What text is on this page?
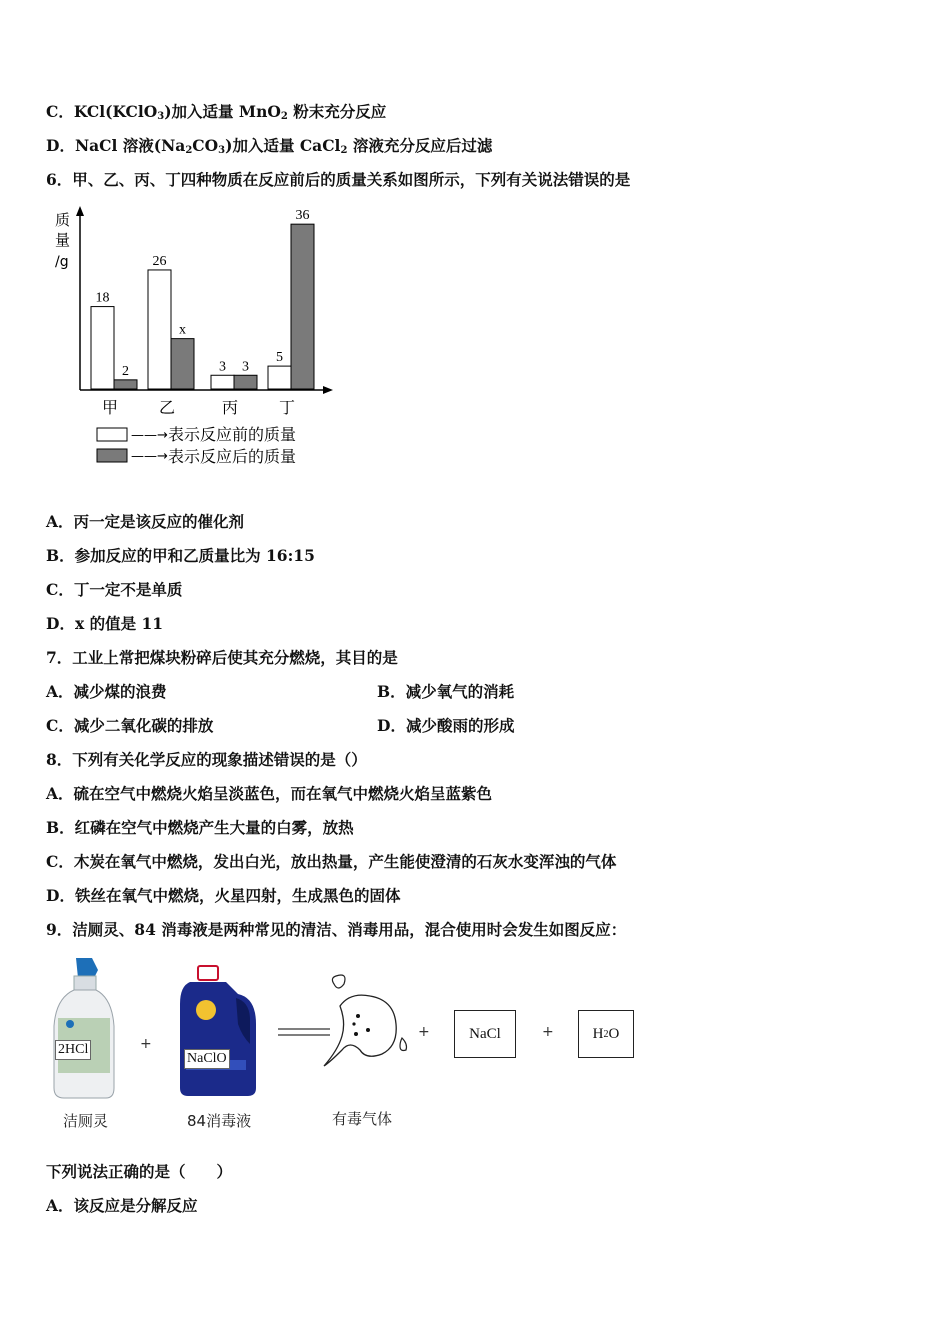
C．KCl(KClO$_3$)加入适量 MnO$_2$ 粉末充分反应
D．NaCl 溶液$(Na_2CO_3)$加入适量 CaCl$_2$ 溶液充分反应后过滤
6．甲、乙、丙、丁四种物质在反应前后的质量关系如图所示，下列有关说法错误的是
质
量
/g
18
2
26
x
3 3
5
36
甲	乙	丙	丁
——→ 表示反应前的质量
——→ 表示反应后的质量
A．丙一定是该反应的催化剂
B．参加反应的甲和乙质量比为 16:15
C．丁一定不是单质
D．x 的值是 11
7．工业上常把煤块粉碎后使其充分燃烧，其目的是
A．减少煤的浪费	B．减少氧气的消耗
C．减少二氧化碳的排放	D．减少酸雨的形成
8．下列有关化学反应的现象描述错误的是（）
A．硫在空气中燃烧火焰呈淡蓝色，而在氧气中燃烧火焰呈蓝紫色
B．红磷在空气中燃烧产生大量的白雾，放热
C．木炭在氧气中燃烧，发出白光，放出热量，产生能使澄清的石灰水变浑浊的气体
D．铁丝在氧气中燃烧，火星四射，生成黑色的固体
9．洁厕灵、84 消毒液是两种常见的清洁、消毒用品，混合使用时会发生如图反应：
2HCl
洁厕灵
+
NaClO
84消毒液	有毒气体
+	NaCl	+	H 2 O
下列说法正确的是（　　）
A．该反应是分解反应
